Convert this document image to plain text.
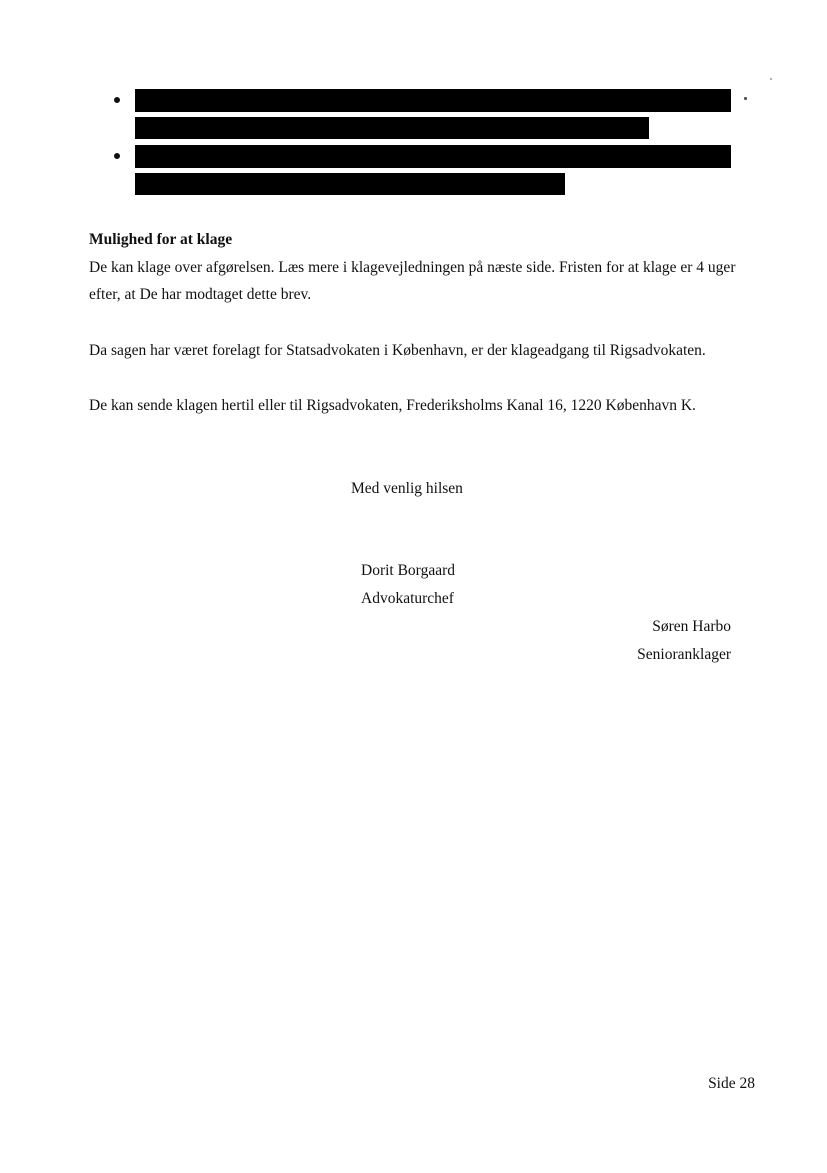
Mulighed for at klage
De kan klage over afgørelsen. Læs mere i klagevejledningen på næste side. Fristen for at klage er 4 uger
efter, at De har modtaget dette brev.
Da sagen har været forelagt for Statsadvokaten i København, er der klageadgang til Rigsadvokaten.
De kan sende klagen hertil eller til Rigsadvokaten, Frederiksholms Kanal 16, 1220 København K.
Med venlig hilsen
Dorit Borgaard
Advokaturchef
Søren Harbo
Senioranklager
Side 28
